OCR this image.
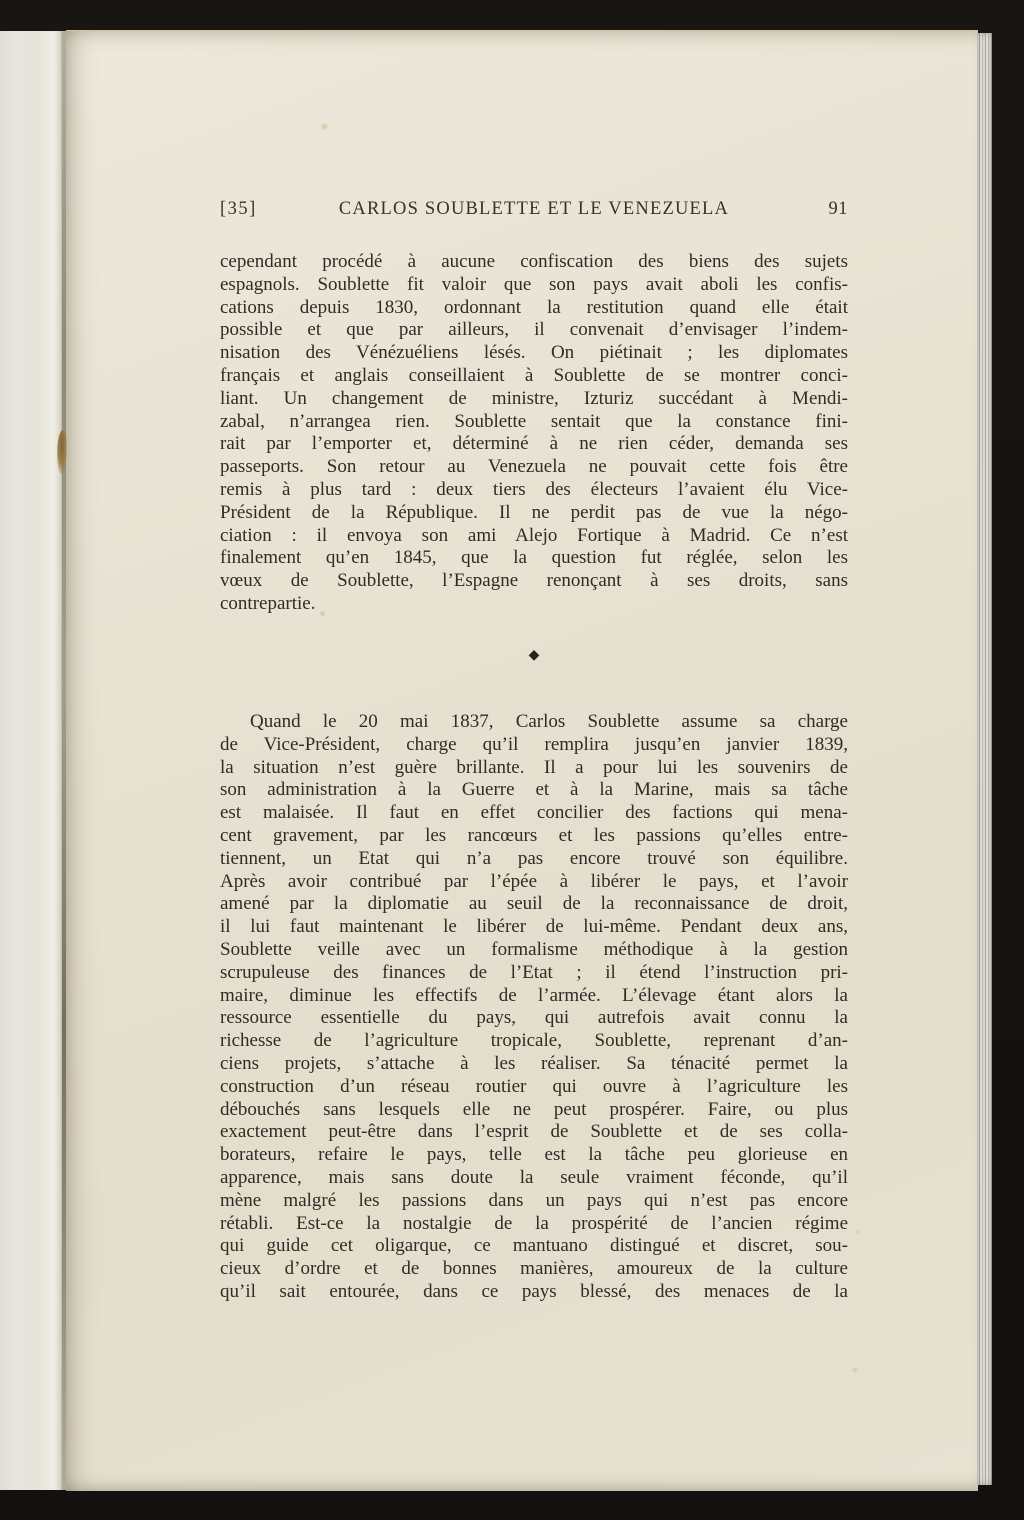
[35]	CARLOS SOUBLETTE ET LE VENEZUELA	91
cependant procédé à aucune confiscation des biens des sujets
espagnols. Soublette fit valoir que son pays avait aboli les confis-
cations depuis 1830, ordonnant la restitution quand elle était
possible et que par ailleurs, il convenait d’envisager l’indem-
nisation des Vénézuéliens lésés. On piétinait ; les diplomates
français et anglais conseillaient à Soublette de se montrer conci-
liant. Un changement de ministre, Izturiz succédant à Mendi-
zabal, n’arrangea rien. Soublette sentait que la constance fini-
rait par l’emporter et, déterminé à ne rien céder, demanda ses
passeports. Son retour au Venezuela ne pouvait cette fois être
remis à plus tard : deux tiers des électeurs l’avaient élu Vice-
Président de la République. Il ne perdit pas de vue la négo-
ciation : il envoya son ami Alejo Fortique à Madrid. Ce n’est
finalement qu’en 1845, que la question fut réglée, selon les
vœux de Soublette, l’Espagne renonçant à ses droits, sans
contrepartie.
◆
Quand le 20 mai 1837, Carlos Soublette assume sa charge
de Vice-Président, charge qu’il remplira jusqu’en janvier 1839,
la situation n’est guère brillante. Il a pour lui les souvenirs de
son administration à la Guerre et à la Marine, mais sa tâche
est malaisée. Il faut en effet concilier des factions qui mena-
cent gravement, par les rancœurs et les passions qu’elles entre-
tiennent, un Etat qui n’a pas encore trouvé son équilibre.
Après avoir contribué par l’épée à libérer le pays, et l’avoir
amené par la diplomatie au seuil de la reconnaissance de droit,
il lui faut maintenant le libérer de lui-même. Pendant deux ans,
Soublette veille avec un formalisme méthodique à la gestion
scrupuleuse des finances de l’Etat ; il étend l’instruction pri-
maire, diminue les effectifs de l’armée. L’élevage étant alors la
ressource essentielle du pays, qui autrefois avait connu la
richesse de l’agriculture tropicale, Soublette, reprenant d’an-
ciens projets, s’attache à les réaliser. Sa ténacité permet la
construction d’un réseau routier qui ouvre à l’agriculture les
débouchés sans lesquels elle ne peut prospérer. Faire, ou plus
exactement peut-être dans l’esprit de Soublette et de ses colla-
borateurs, refaire le pays, telle est la tâche peu glorieuse en
apparence, mais sans doute la seule vraiment féconde, qu’il
mène malgré les passions dans un pays qui n’est pas encore
rétabli. Est-ce la nostalgie de la prospérité de l’ancien régime
qui guide cet oligarque, ce mantuano distingué et discret, sou-
cieux d’ordre et de bonnes manières, amoureux de la culture
qu’il sait entourée, dans ce pays blessé, des menaces de la
